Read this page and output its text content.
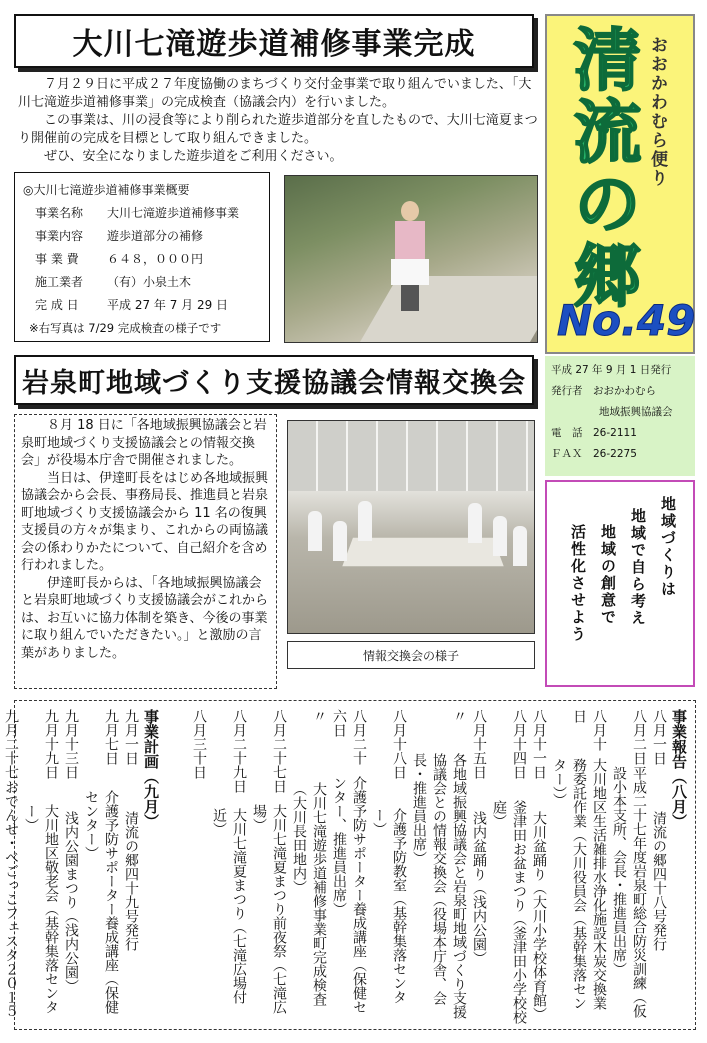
大川七滝遊歩道補修事業完成

７月２９日に平成２７年度協働のまちづくり交付金事業で取り組んでいました、「大川七滝遊歩道補修事業」の完成検査（協議会内）を行いました。

この事業は、川の浸食等により削られた遊歩道部分を直したもので、大川七滝夏まつり開催前の完成を目標として取り組んできました。

ぜひ、安全になりました遊歩道をご利用ください。

◎大川七滝遊歩道補修事業概要
事業名称	大川七滝遊歩道補修事業
事業内容	遊歩道部分の補修
事 業 費	６４８，０００円
施工業者	（有）小泉土木
完 成 日	平成 27 年 7 月 29 日
※右写真は 7/29 完成検査の様子です
清流の郷 おおかわむら便り
No.49
平成 27 年 9 月 1 日発行
発行者　 おおかわむら
地域振興協議会
電　話　 26-2111
ＦＡＸ　 26-2275
地域づくりは
地域で自ら考え
地域の創意で
活性化させよう
岩泉町地域づくり支援協議会情報交換会

８月 18 日に「各地域振興協議会と岩泉町地域づくり支援協議会との情報交換会」が役場本庁舎で開催されました。

当日は、伊達町長をはじめ各地域振興協議会から会長、事務局長、推進員と岩泉町地域づくり支援協議会から 11 名の復興支援員の方々が集まり、これからの両協議会の係わりかたについて、自己紹介を含め行われました。

伊達町長からは、「各地域振興協議会と岩泉町地域づくり支援協議会がこれからは、お互いに協力体制を築き、今後の事業に取り組んでいただきたい。」と激励の言葉がありました。	情報交換会の様子
事業報告（八月）
八月一日
清流の郷四十八号発行
八月二日
平成二十七年度岩泉町総合防災訓練（仮設小本支所、会長・推進員出席）
八月十日
大川地区生活雑排水浄化施設木炭交換業務委託作業（大川役員会（基幹集落センター））
八月十一日
大川盆踊り（大川小学校体育館）
八月十四日
釜津田お盆まつり（釜津田小学校校庭）
八月十五日
浅内盆踊り（浅内公園）
〃
各地域振興協議会と岩泉町地域づくり支援協議会との情報交換会（役場本庁舎、会長・推進員出席）
八月十八日
介護予防教室（基幹集落センター）
八月二十六日
介護予防サポーター養成講座（保健センター、推進員出席）
〃
大川七滝遊歩道補修事業町完成検査（大川長田地内）
八月二十七日
大川七滝夏まつり前夜祭（七滝広場）
八月二十九日
大川七滝夏まつり（七滝広場付近）
八月三十日
事業計画（九月）
九月一日
清流の郷四十九号発行
九月七日
介護予防サポーター養成講座（保健センター）
九月十三日
浅内公園まつり（浅内公園）
九月十九日
大川地区敬老会（基幹集落センター）
九月二十七
おでんせ・べごっこフェスタ２０１５
